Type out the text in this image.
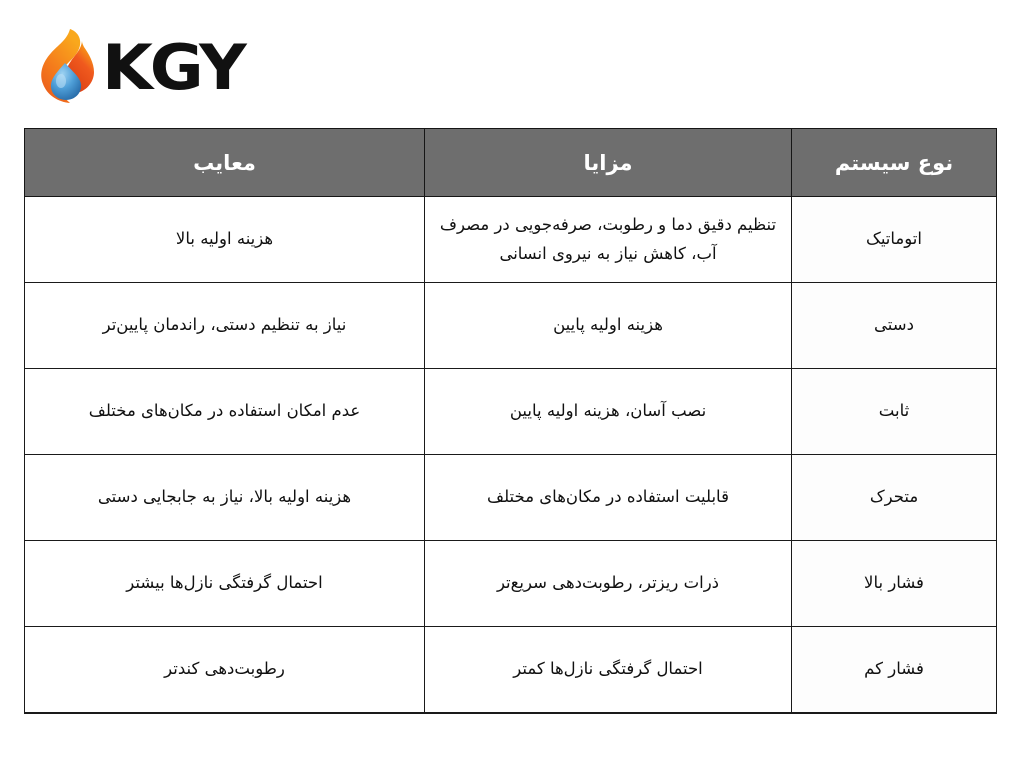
KGY
نوع سیستم	مزایا	معایب
اتوماتیک	تنظیم دقیق دما و رطوبت، صرفه‌جویی در مصرف آب، کاهش نیاز به نیروی انسانی	هزینه اولیه بالا
دستی	هزینه اولیه پایین	نیاز به تنظیم دستی، راندمان پایین‌تر
ثابت	نصب آسان، هزینه اولیه پایین	عدم امکان استفاده در مکان‌های مختلف
متحرک	قابلیت استفاده در مکان‌های مختلف	هزینه اولیه بالا، نیاز به جابجایی دستی
فشار بالا	ذرات ریزتر، رطوبت‌دهی سریع‌تر	احتمال گرفتگی نازل‌ها بیشتر
فشار کم	احتمال گرفتگی نازل‌ها کمتر	رطوبت‌دهی کندتر
